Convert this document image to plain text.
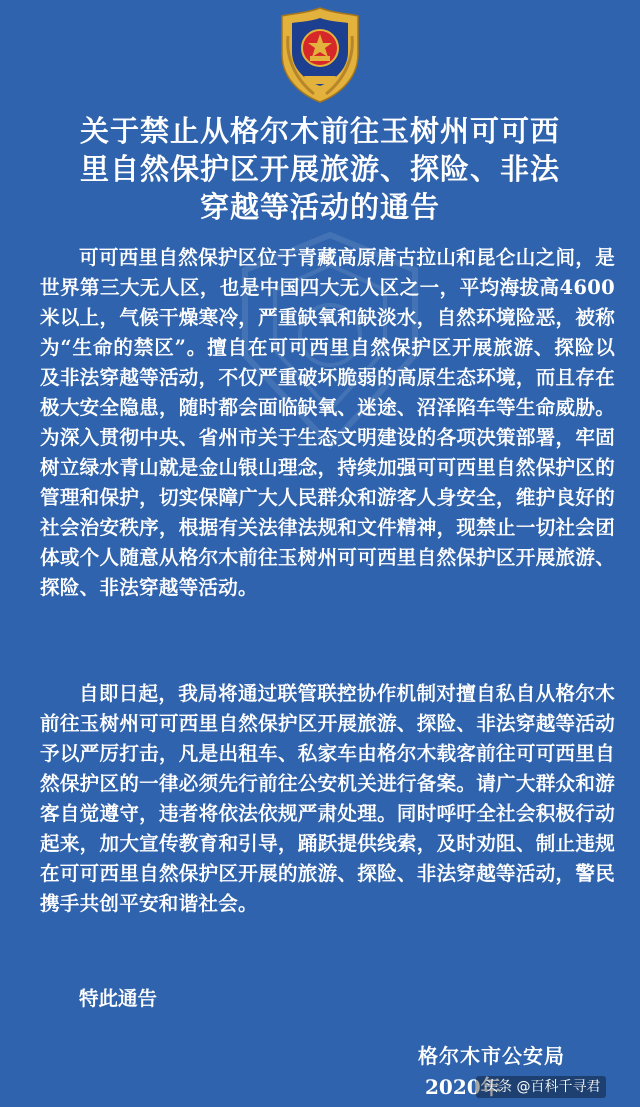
关于禁止从格尔木前往玉树州可可西
里自然保护区开展旅游、探险、非法
穿越等活动的通告
可可西里自然保护区位于青藏高原唐古拉山和昆仑山之间，是世界第三大无人区，也是中国四大无人区之一，平均海拔高4600米以上，气候干燥寒冷，严重缺氧和缺淡水，自然环境险恶，被称为“生命的禁区”。擅自在可可西里自然保护区开展旅游、探险以及非法穿越等活动，不仅严重破坏脆弱的高原生态环境，而且存在极大安全隐患，随时都会面临缺氧、迷途、沼泽陷车等生命威胁。为深入贯彻中央、省州市关于生态文明建设的各项决策部署，牢固树立绿水青山就是金山银山理念，持续加强可可西里自然保护区的管理和保护，切实保障广大人民群众和游客人身安全，维护良好的社会治安秩序，根据有关法律法规和文件精神，现禁止一切社会团体或个人随意从格尔木前往玉树州可可西里自然保护区开展旅游、探险、非法穿越等活动。
自即日起，我局将通过联管联控协作机制对擅自私自从格尔木前往玉树州可可西里自然保护区开展旅游、探险、非法穿越等活动予以严厉打击，凡是出租车、私家车由格尔木载客前往可可西里自然保护区的一律必须先行前往公安机关进行备案。请广大群众和游客自觉遵守，违者将依法依规严肃处理。同时呼吁全社会积极行动起来，加大宣传教育和引导，踊跃提供线索，及时劝阻、制止违规在可可西里自然保护区开展的旅游、探险、非法穿越等活动，警民携手共创平安和谐社会。
特此通告
格尔木市公安局
2020年
头条 @百科千寻君
